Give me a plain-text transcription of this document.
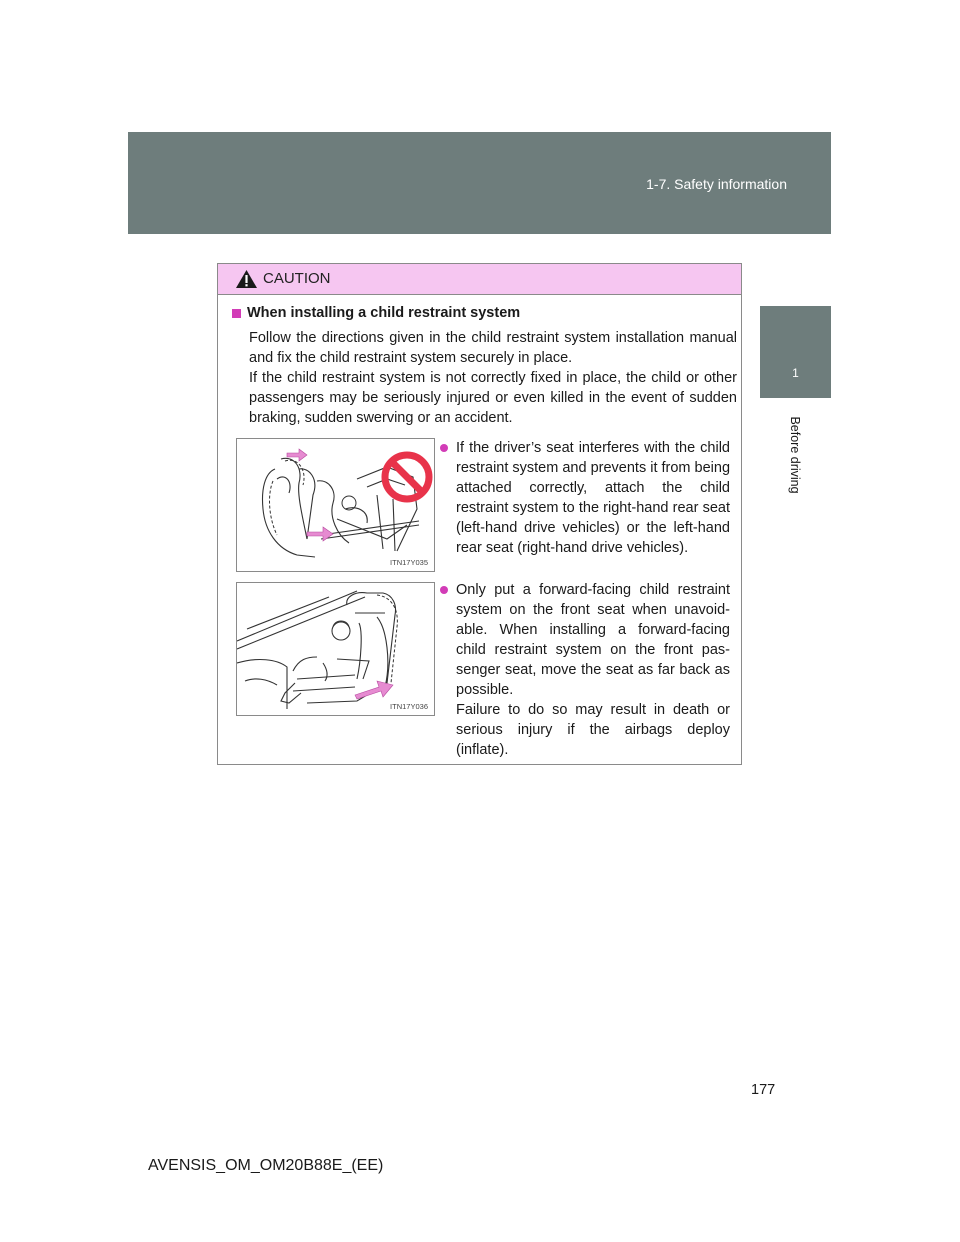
1-7. Safety information
1
Before driving
CAUTION
When installing a child restraint system

Follow the directions given in the child restraint system installation manual and fix the child restraint system securely in place.

If the child restraint system is not correctly fixed in place, the child or other passengers may be seriously injured or even killed in the event of sudden braking, sudden swerving or an accident.

ITN17Y035

If the driver’s seat interferes with the child restraint system and prevents it from being attached correctly, attach the child restraint system to the right-hand rear seat (left-hand drive vehicles) or the left-hand rear seat (right-hand drive vehicles).

ITN17Y036

Only put a forward-facing child restraint system on the front seat when unavoid-able. When installing a forward-facing child restraint system on the front pas-senger seat, move the seat as far back as possible.

Failure to do so may result in death or serious injury if the airbags deploy (inflate).

177
AVENSIS_OM_OM20B88E_(EE)
